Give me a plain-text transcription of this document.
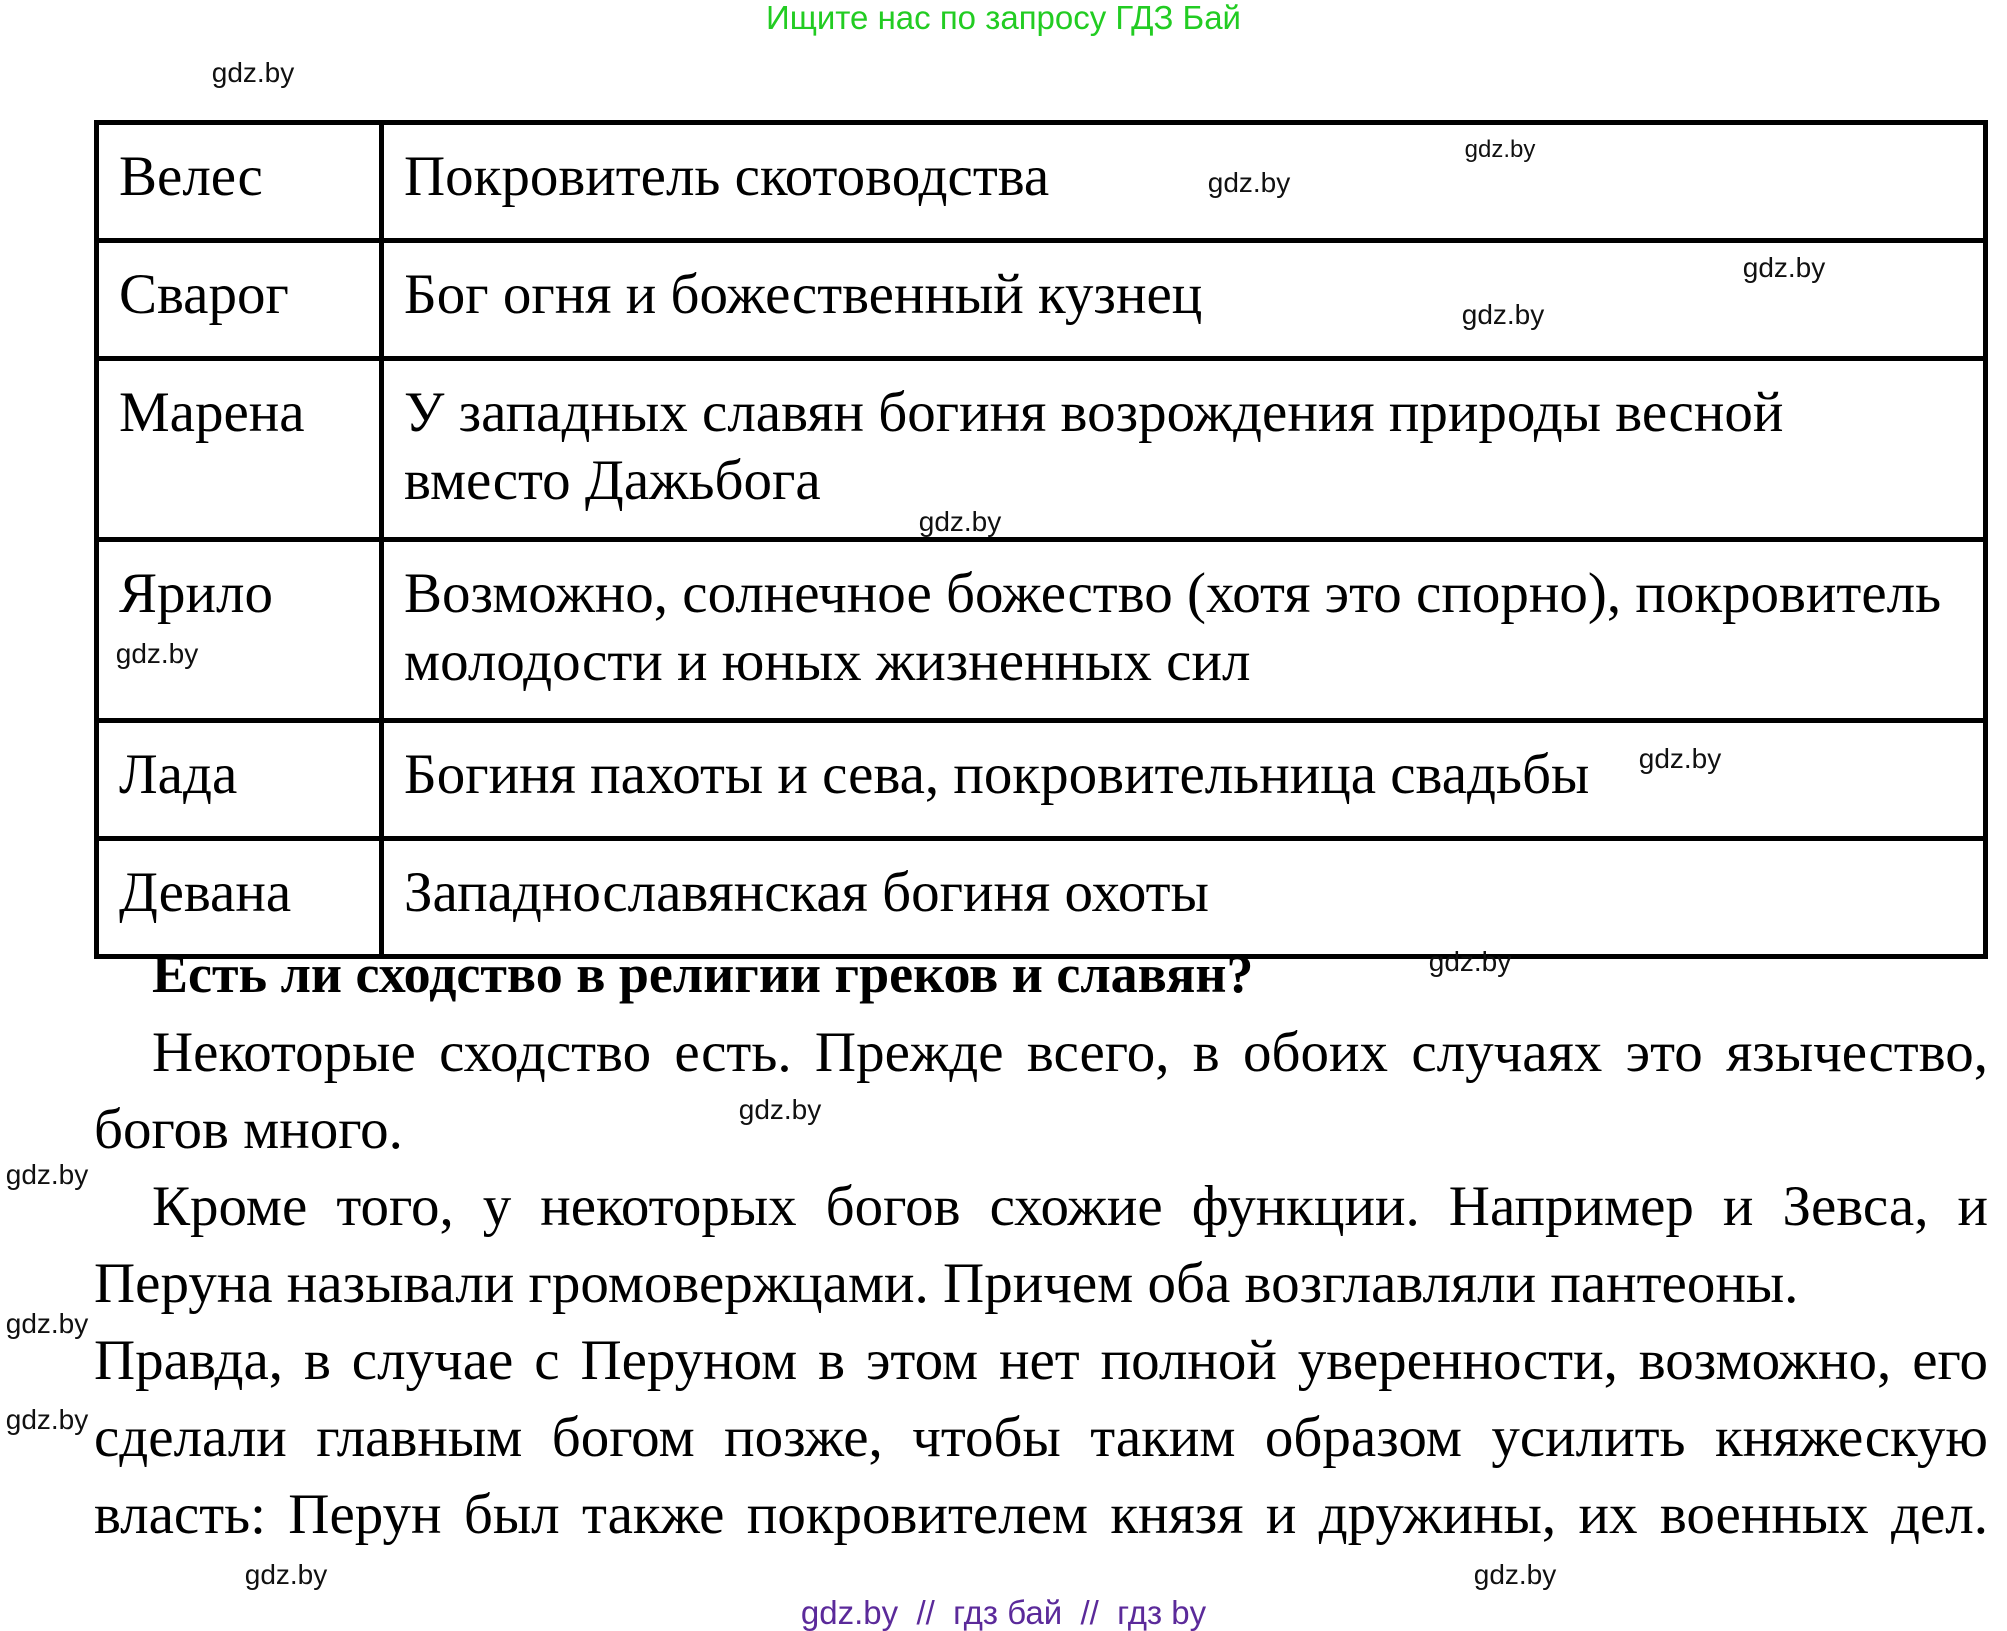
Ищите нас по запросу ГДЗ Бай
Велес	Покровитель скотоводства
Сварог	Бог огня и божественный кузнец
Марена	У западных славян богиня возрождения природы весной вместо Дажьбога
Ярило	Возможно, солнечное божество (хотя это спорно), покровитель молодости и юных жизненных сил
Лада	Богиня пахоты и сева, покровительница свадьбы
Девана	Западнославянская богиня охоты
Есть ли сходство в религии греков и славян?
Некоторые сходство есть. Прежде всего, в обоих случаях это язычество,
богов много.
Кроме того, у некоторых богов схожие функции. Например и Зевса, и
Перуна называли громовержцами. Причем оба возглавляли пантеоны.
Правда, в случае с Перуном в этом нет полной уверенности, возможно, его
сделали главным богом позже, чтобы таким образом усилить княжескую
власть: Перун был также покровителем князя и дружины, их военных дел.
gdz.by
gdz.by
gdz.by
gdz.by
gdz.by
gdz.by
gdz.by
gdz.by
gdz.by
gdz.by
gdz.by
gdz.by
gdz.by
gdz.by
gdz.by
gdz.by  //  гдз бай  //  гдз by
